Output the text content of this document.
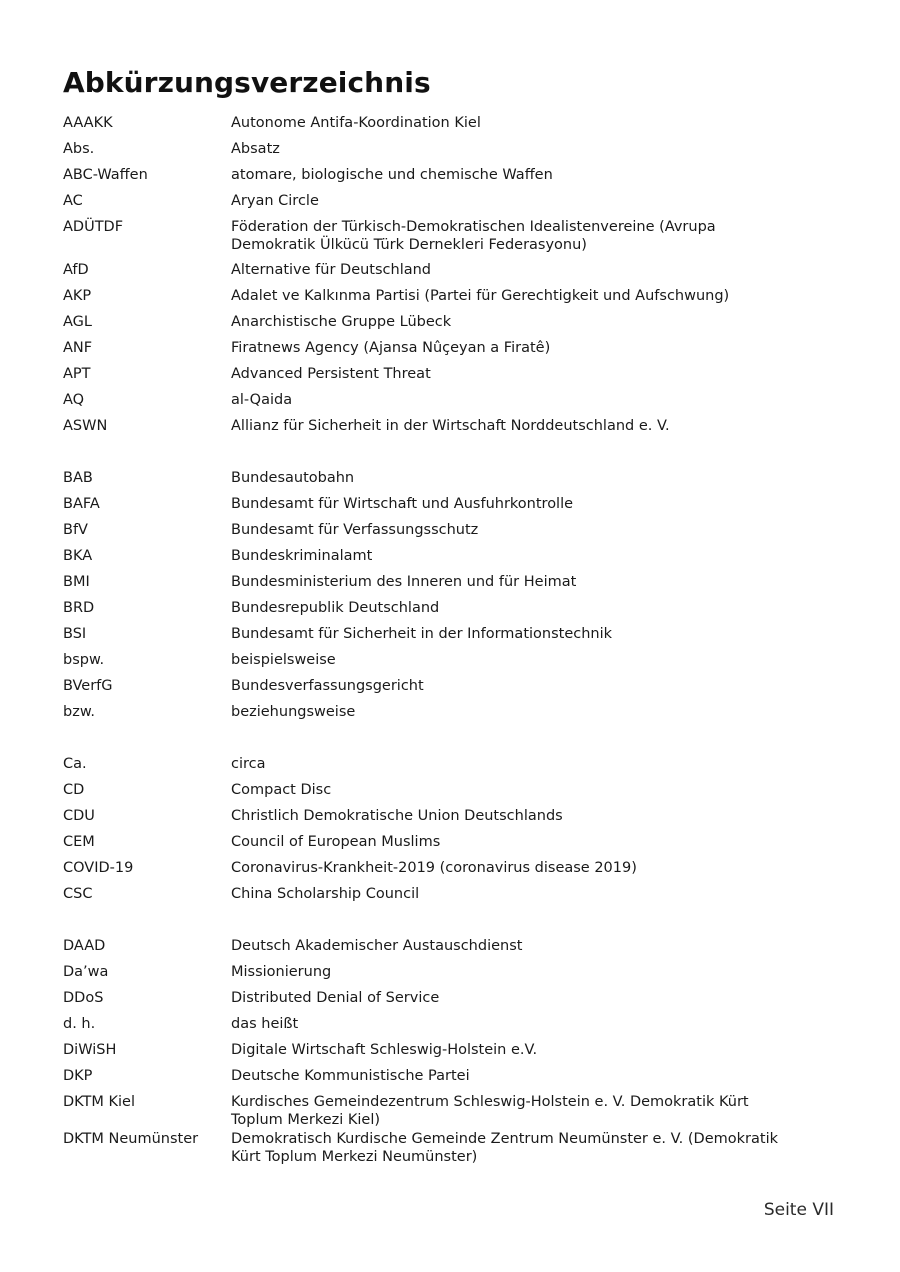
Abkürzungsverzeichnis
AAAKK	Autonome Antifa-Koordination Kiel
Abs.	Absatz
ABC-Waffen	atomare, biologische und chemische Waffen
AC	Aryan Circle
ADÜTDF	Föderation der Türkisch-Demokratischen Idealistenvereine (Avrupa Demokratik Ülkücü Türk Dernekleri Federasyonu)
AfD	Alternative für Deutschland
AKP	Adalet ve Kalkınma Partisi (Partei für Gerechtigkeit und Aufschwung)
AGL	Anarchistische Gruppe Lübeck
ANF	Firatnews Agency (Ajansa Nûçeyan a Firatê)
APT	Advanced Persistent Threat
AQ	al-Qaida
ASWN	Allianz für Sicherheit in der Wirtschaft Norddeutschland e. V.
BAB	Bundesautobahn
BAFA	Bundesamt für Wirtschaft und Ausfuhrkontrolle
BfV	Bundesamt für Verfassungsschutz
BKA	Bundeskriminalamt
BMI	Bundesministerium des Inneren und für Heimat
BRD	Bundesrepublik Deutschland
BSI	Bundesamt für Sicherheit in der Informationstechnik
bspw.	beispielsweise
BVerfG	Bundesverfassungsgericht
bzw.	beziehungsweise
Ca.	circa
CD	Compact Disc
CDU	Christlich Demokratische Union Deutschlands
CEM	Council of European Muslims
COVID-19	Coronavirus-Krankheit-2019 (coronavirus disease 2019)
CSC	China Scholarship Council
DAAD	Deutsch Akademischer Austauschdienst
Da’wa	Missionierung
DDoS	Distributed Denial of Service
d. h.	das heißt
DiWiSH	Digitale Wirtschaft Schleswig-Holstein e.V.
DKP	Deutsche Kommunistische Partei
DKTM Kiel	Kurdisches Gemeindezentrum Schleswig-Holstein e. V. Demokratik Kürt Toplum Merkezi Kiel)
DKTM Neumünster	Demokratisch Kurdische Gemeinde Zentrum Neumünster e. V. (Demokratik Kürt Toplum Merkezi Neumünster)
Seite VII
